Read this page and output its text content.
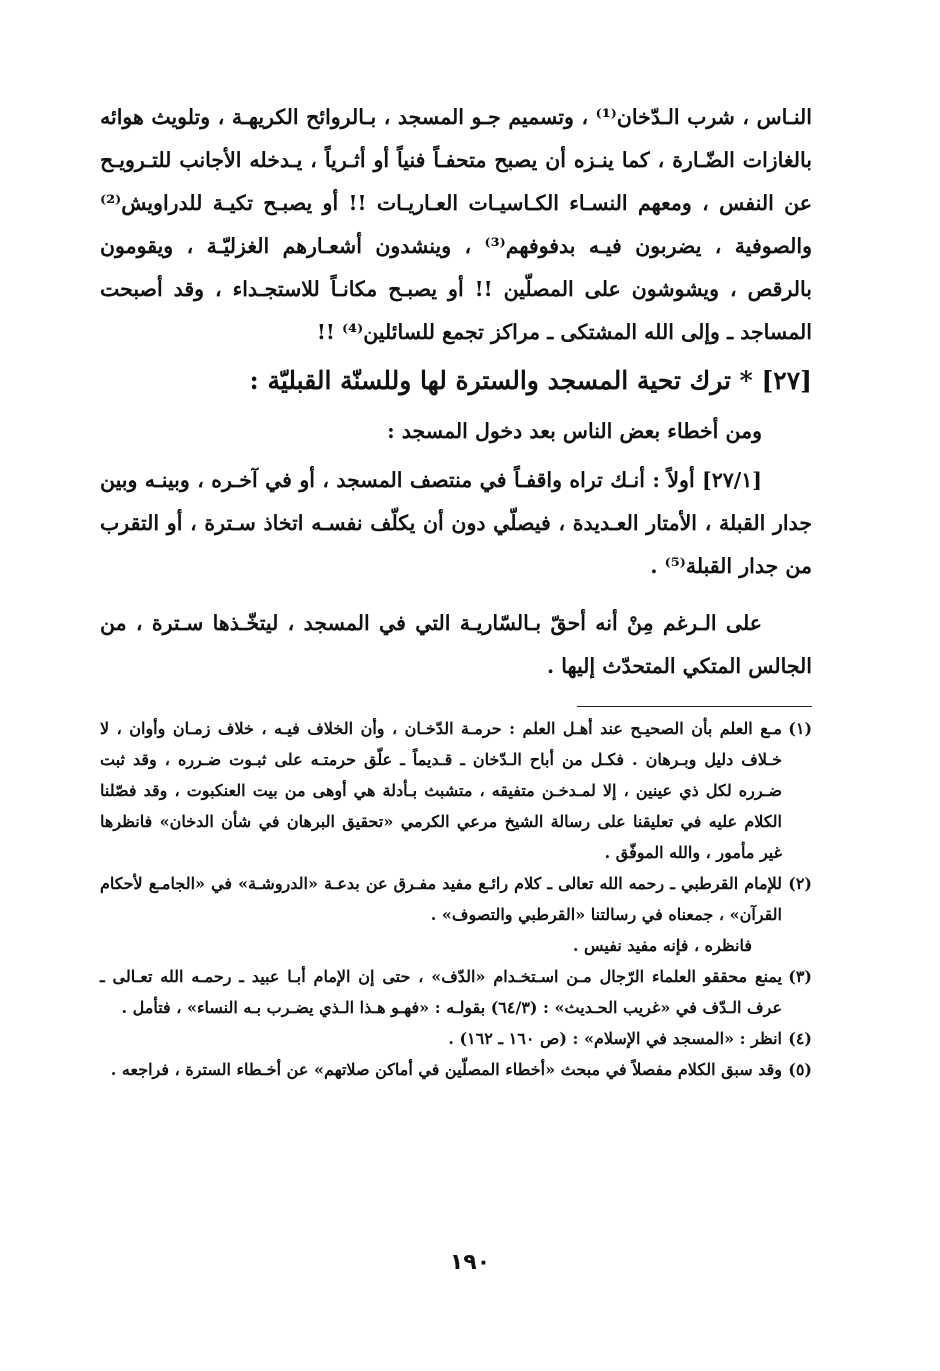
النـاس ، شرب الـدّخان⁽¹⁾ ، وتسميم جـو المسجد ، بـالروائح الكريهـة ، وتلويث هوائه بالغازات الضّـارة ، كما ينـزه أن يصبح متحفـاً فنياً أو أثـرياً ، يـدخله الأجانب للتـرويـح عن النفس ، ومعهم النسـاء الكـاسيـات العـاريـات !! أو يصبـح تكيـة للدراويش⁽²⁾ والصوفية ، يضربون فيـه بدفوفهم⁽³⁾ ، وينشدون أشعـارهم الغزليّـة ، ويقومون بالرقص ، ويشوشون على المصلّين !! أو يصبـح مكانـاً للاستجـداء ، وقد أصبحت المساجد ـ وإلى الله المشتكى ـ مراكز تجمع للسائلين⁽⁴⁾ !!

[٢٧] * ترك تحية المسجد والسترة لها وللسنّة القبليّة :
ومن أخطاء بعض الناس بعد دخول المسجد :

[٢٧/١] أولاً : أنـك تراه واقفـاً في منتصف المسجد ، أو في آخـره ، وبينـه وبين جدار القبلة ، الأمتار العـديدة ، فيصلّي دون أن يكلّف نفسـه اتخاذ سـترة ، أو التقرب من جدار القبلة⁽⁵⁾ .

على الـرغم مِنْ أنه أحقّ بـالسّاريـة التي في المسجد ، ليتخّـذها سـترة ، من الجالس المتكي المتحدّث إليها .

(١)مـع العلم بأن الصحيـح عند أهـل العلم : حرمـة الدّخـان ، وأن الخلاف فيـه ، خلاف زمـان وأوان ، لا خـلاف دليل وبـرهان . فكـل من أباح الـدّخان ـ قـديماً ـ علّق حرمتـه على ثبـوت ضـرره ، وقد ثبت ضـرره لكل ذي عينين ، إلا لمـدخـن متفيقه ، متشبث بـأدلة هي أوهى من بيت العنكبوت ، وقد فصّلنا الكلام عليه في تعليقنا على رسالة الشيخ مرعي الكرمي «تحقيق البرهان في شأن الدخان» فانظرها غير مأمور ، والله الموفّق .

(٢)للإمام القرطبي ـ رحمه الله تعالى ـ كلام رائـع مفيد مفـرق عن بدعـة «الدروشـة» في «الجامـع لأحكام القرآن» ، جمعناه في رسالتنا «القرطبي والتصوف» .

فانظره ، فإنه مفيد نفيس .

(٣)يمنع محققو العلماء الرّجال مـن اسـتخـدام «الدّف» ، حتى إن الإمام أبـا عبيد ـ رحمـه الله تعـالى ـ عرف الـدّف في «غريب الحـديث» : (٦٤/٣) بقولـه : «فهـو هـذا الـذي يضـرب بـه النساء» ، فتأمل .

(٤)انظر : «المسجد في الإسلام» : (ص ١٦٠ ـ ١٦٢) .

(٥)وقد سبق الكلام مفصلاً في مبحث «أخطاء المصلّين في أماكن صلاتهم» عن أخـطاء السترة ، فراجعه .

١٩٠
